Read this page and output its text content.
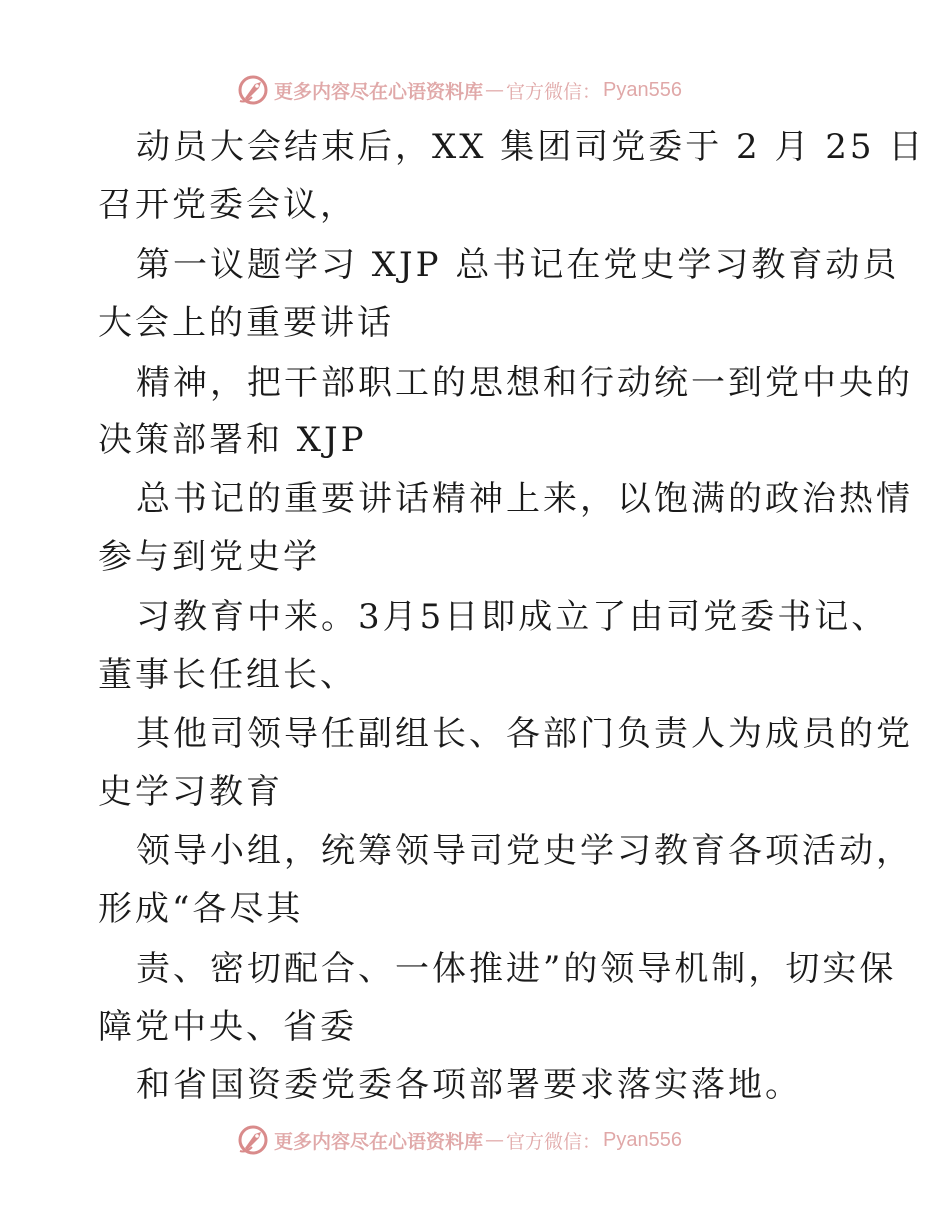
更多内容尽在心语资料库 — 官方微信： Pyan556
动员大会结束后，XX 集团司党委于 2 月 25 日
召开党委会议，
第一议题学习 XJP 总书记在党史学习教育动员
大会上的重要讲话
精神，把干部职工的思想和行动统一到党中央的
决策部署和 XJP
总书记的重要讲话精神上来，以饱满的政治热情
参与到党史学
习教育中来。3月5日即成立了由司党委书记、
董事长任组长、
其他司领导任副组长、各部门负责人为成员的党
史学习教育
领导小组，统筹领导司党史学习教育各项活动，
形成“各尽其
责、密切配合、一体推进”的领导机制，切实保
障党中央、省委
和省国资委党委各项部署要求落实落地。
更多内容尽在心语资料库 — 官方微信： Pyan556
